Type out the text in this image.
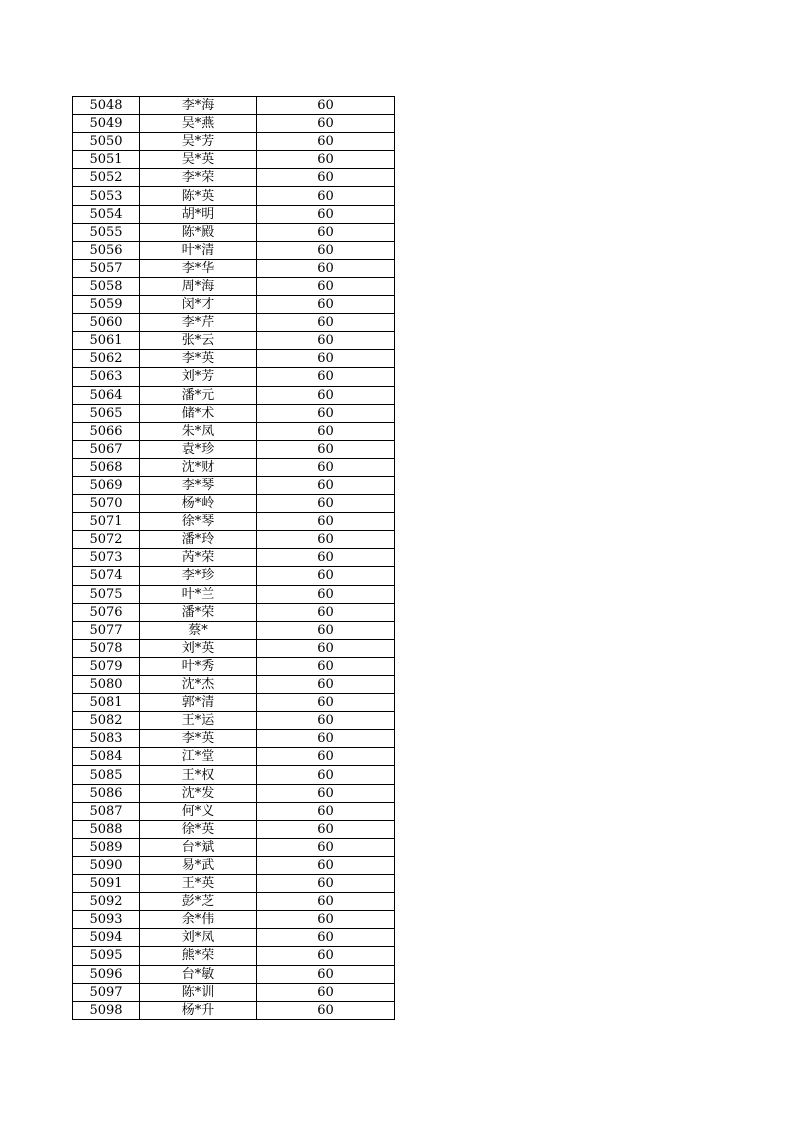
5048	李*海	60
5049	吴*燕	60
5050	吴*芳	60
5051	吴*英	60
5052	李*荣	60
5053	陈*英	60
5054	胡*明	60
5055	陈*殿	60
5056	叶*清	60
5057	李*华	60
5058	周*海	60
5059	闵*才	60
5060	李*芹	60
5061	张*云	60
5062	李*英	60
5063	刘*芳	60
5064	潘*元	60
5065	储*术	60
5066	朱*凤	60
5067	袁*珍	60
5068	沈*财	60
5069	李*琴	60
5070	杨*岭	60
5071	徐*琴	60
5072	潘*玲	60
5073	芮*荣	60
5074	李*珍	60
5075	叶*兰	60
5076	潘*荣	60
5077	蔡*	60
5078	刘*英	60
5079	叶*秀	60
5080	沈*杰	60
5081	郭*清	60
5082	王*运	60
5083	李*英	60
5084	江*堂	60
5085	王*权	60
5086	沈*发	60
5087	何*义	60
5088	徐*英	60
5089	台*斌	60
5090	易*武	60
5091	王*英	60
5092	彭*芝	60
5093	余*伟	60
5094	刘*凤	60
5095	熊*荣	60
5096	台*敏	60
5097	陈*训	60
5098	杨*升	60
